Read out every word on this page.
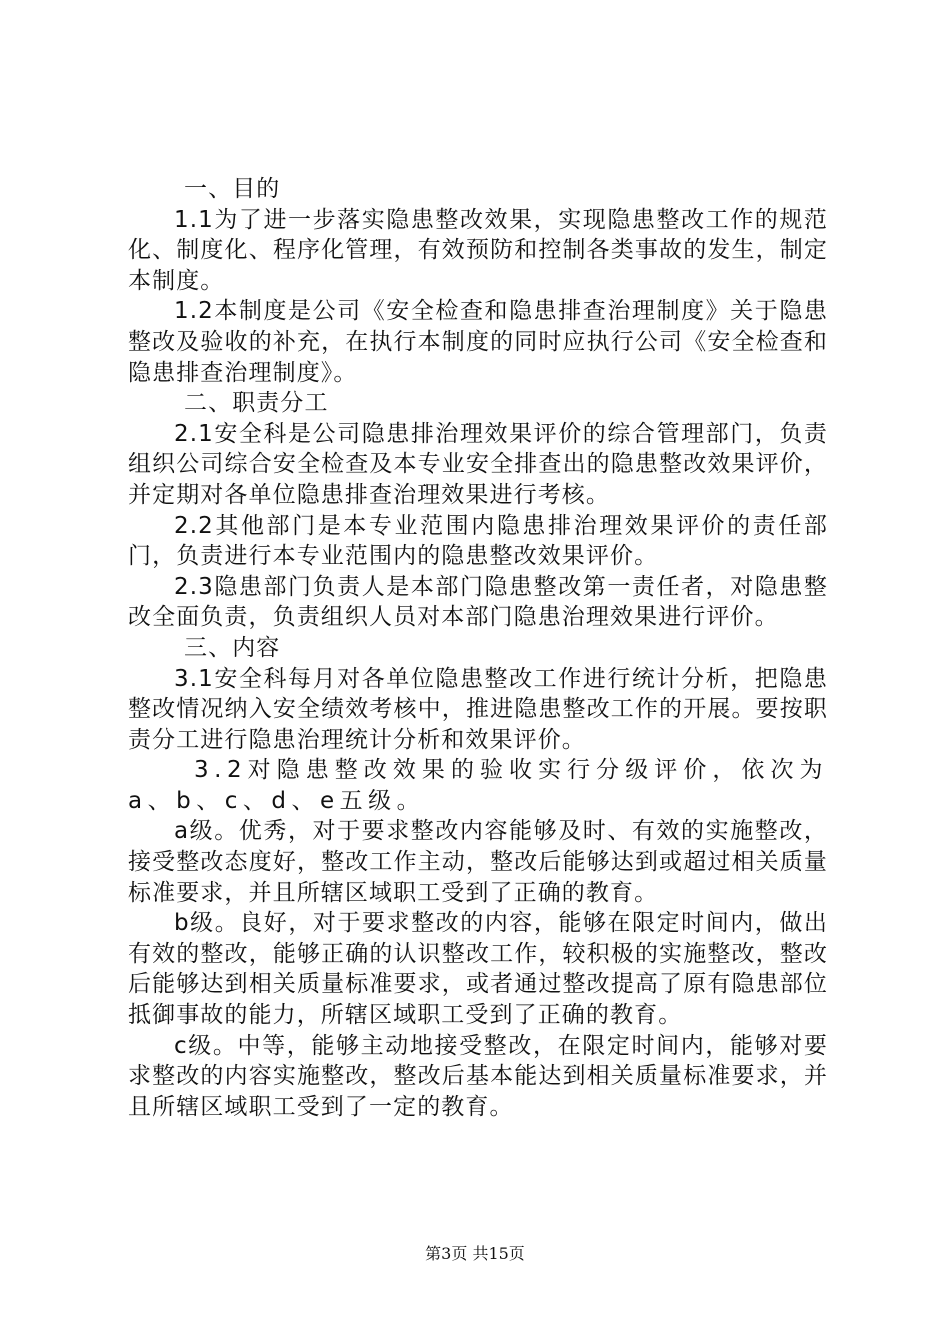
一、目的

1.1为了进一步落实隐患整改效果，实现隐患整改工作的规范化、制度化、程序化管理，有效预防和控制各类事故的发生，制定本制度。

1.2本制度是公司《安全检查和隐患排查治理制度》关于隐患整改及验收的补充，在执行本制度的同时应执行公司《安全检查和隐患排查治理制度》。

二、职责分工

2.1安全科是公司隐患排治理效果评价的综合管理部门，负责组织公司综合安全检查及本专业安全排查出的隐患整改效果评价，并定期对各单位隐患排查治理效果进行考核。

2.2其他部门是本专业范围内隐患排治理效果评价的责任部门，负责进行本专业范围内的隐患整改效果评价。

2.3隐患部门负责人是本部门隐患整改第一责任者，对隐患整改全面负责，负责组织人员对本部门隐患治理效果进行评价。

三、内容

3.1安全科每月对各单位隐患整改工作进行统计分析，把隐患整改情况纳入安全绩效考核中，推进隐患整改工作的开展。要按职责分工进行隐患治理统计分析和效果评价。

3.2对隐患整改效果的验收实行分级评价，依次为a、b、c、d、e五级。

a级。优秀，对于要求整改内容能够及时、有效的实施整改，接受整改态度好，整改工作主动，整改后能够达到或超过相关质量标准要求，并且所辖区域职工受到了正确的教育。

b级。良好，对于要求整改的内容，能够在限定时间内，做出有效的整改，能够正确的认识整改工作，较积极的实施整改，整改后能够达到相关质量标准要求，或者通过整改提高了原有隐患部位抵御事故的能力，所辖区域职工受到了正确的教育。

c级。中等，能够主动地接受整改，在限定时间内，能够对要求整改的内容实施整改，整改后基本能达到相关质量标准要求，并且所辖区域职工受到了一定的教育。

第3页 共15页
